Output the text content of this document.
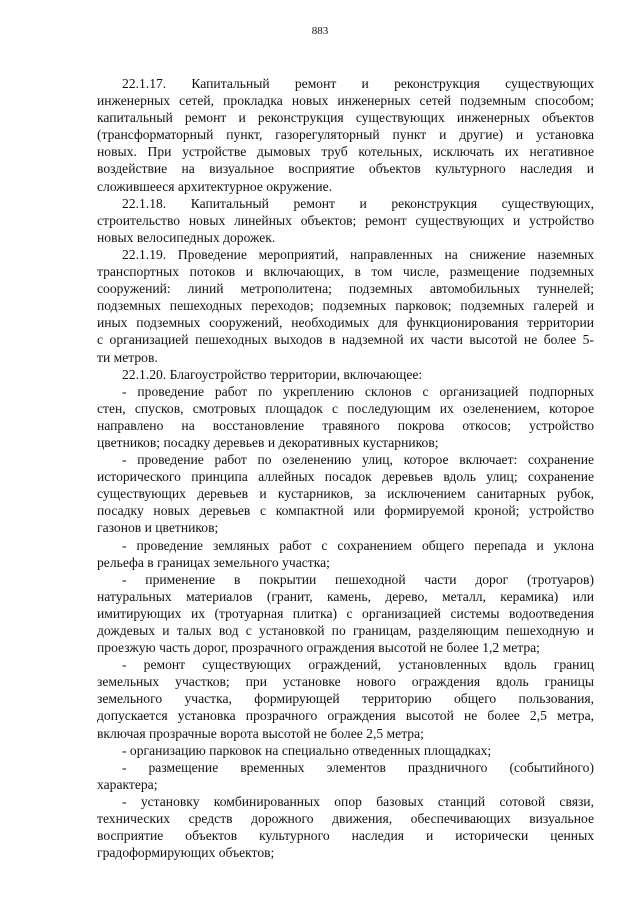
883
22.1.17. Капитальный ремонт и реконструкция существующих
инженерных сетей, прокладка новых инженерных сетей подземным способом;
капитальный ремонт и реконструкция существующих инженерных объектов
(трансформаторный пункт, газорегуляторный пункт и другие) и установка
новых. При устройстве дымовых труб котельных, исключать их негативное
воздействие на визуальное восприятие объектов культурного наследия и
сложившееся архитектурное окружение.
22.1.18. Капитальный ремонт и реконструкция существующих,
строительство новых линейных объектов; ремонт существующих и устройство
новых велосипедных дорожек.
22.1.19. Проведение мероприятий, направленных на снижение наземных
транспортных потоков и включающих, в том числе, размещение подземных
сооружений: линий метрополитена; подземных автомобильных туннелей;
подземных пешеходных переходов; подземных парковок; подземных галерей и
иных подземных сооружений, необходимых для функционирования территории
с организацией пешеходных выходов в надземной их части высотой не более 5-
ти метров.
22.1.20. Благоустройство территории, включающее:
- проведение работ по укреплению склонов с организацией подпорных
стен, спусков, смотровых площадок с последующим их озеленением, которое
направлено на восстановление травяного покрова откосов; устройство
цветников; посадку деревьев и декоративных кустарников;
- проведение работ по озеленению улиц, которое включает: сохранение
исторического принципа аллейных посадок деревьев вдоль улиц; сохранение
существующих деревьев и кустарников, за исключением санитарных рубок,
посадку новых деревьев с компактной или формируемой кроной; устройство
газонов и цветников;
- проведение земляных работ с сохранением общего перепада и уклона
рельефа в границах земельного участка;
- применение в покрытии пешеходной части дорог (тротуаров)
натуральных материалов (гранит, камень, дерево, металл, керамика) или
имитирующих их (тротуарная плитка) с организацией системы водоотведения
дождевых и талых вод с установкой по границам, разделяющим пешеходную и
проезжую часть дорог, прозрачного ограждения высотой не более 1,2 метра;
- ремонт существующих ограждений, установленных вдоль границ
земельных участков; при установке нового ограждения вдоль границы
земельного участка, формирующей территорию общего пользования,
допускается установка прозрачного ограждения высотой не более 2,5 метра,
включая прозрачные ворота высотой не более 2,5 метра;
- организацию парковок на специально отведенных площадках;
- размещение временных элементов праздничного (событийного)
характера;
- установку комбинированных опор базовых станций сотовой связи,
технических средств дорожного движения, обеспечивающих визуальное
восприятие объектов культурного наследия и исторически ценных
градоформирующих объектов;
